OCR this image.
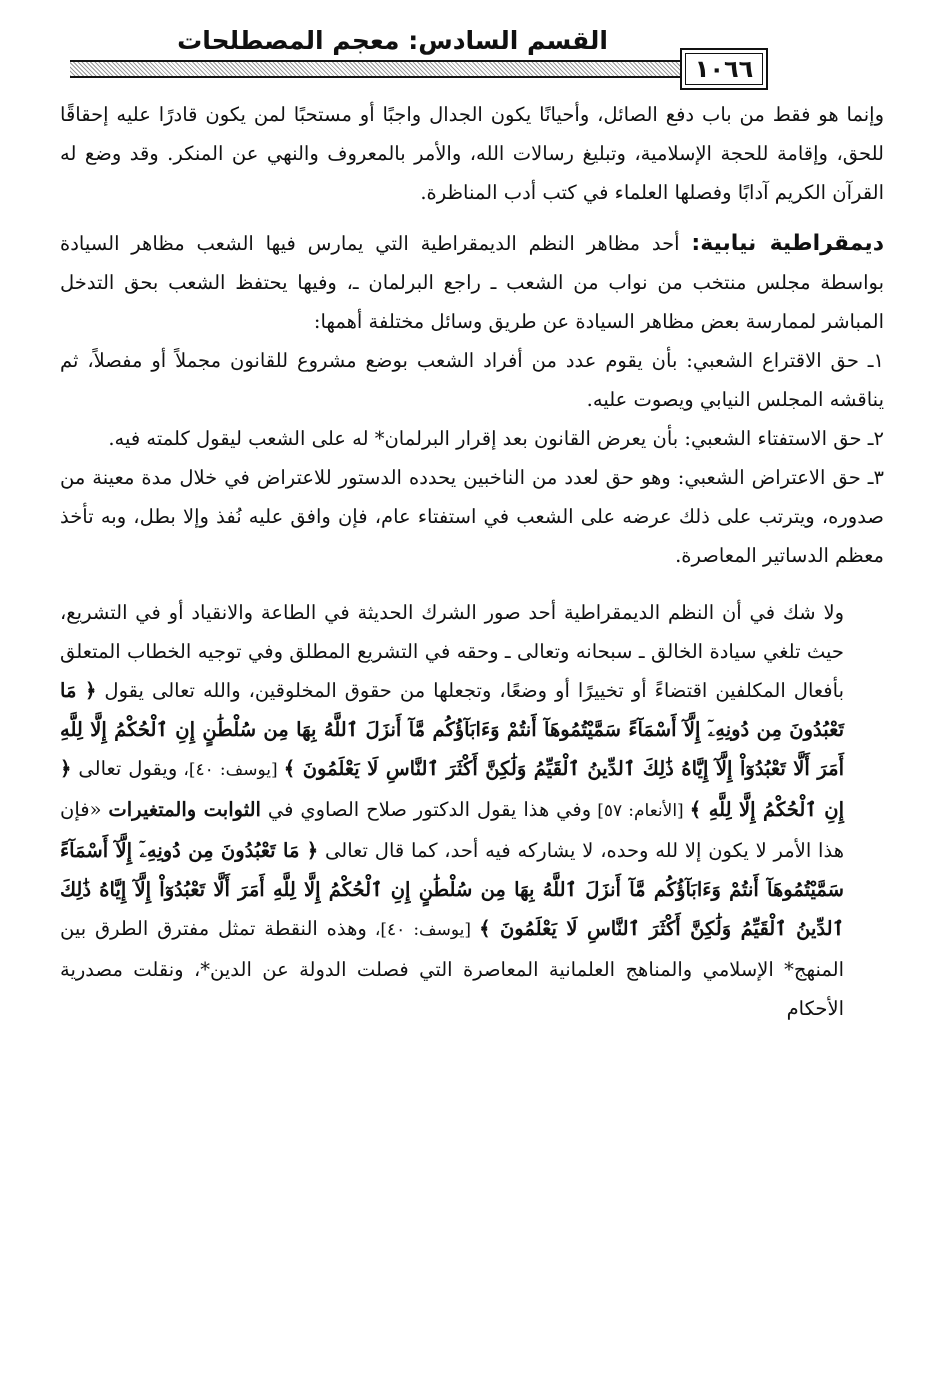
القسم السادس: معجم المصطلحات
١٠٦٦

وإنما هو فقط من باب دفع الصائل، وأحيانًا يكون الجدال واجبًا أو مستحبًا لمن يكون قادرًا عليه إحقاقًا للحق، وإقامة للحجة الإسلامية، وتبليغ رسالات الله، والأمر بالمعروف والنهي عن المنكر. وقد وضع له القرآن الكريم آدابًا وفصلها العلماء في كتب أدب المناظرة.

ديمقراطية نيابية: أحد مظاهر النظم الديمقراطية التي يمارس فيها الشعب مظاهر السيادة بواسطة مجلس منتخب من نواب من الشعب ـ راجع البرلمان ـ، وفيها يحتفظ الشعب بحق التدخل المباشر لممارسة بعض مظاهر السيادة عن طريق وسائل مختلفة أهمها:

١ـ حق الاقتراع الشعبي: بأن يقوم عدد من أفراد الشعب بوضع مشروع للقانون مجملاً أو مفصلاً، ثم يناقشه المجلس النيابي ويصوت عليه.

٢ـ حق الاستفتاء الشعبي: بأن يعرض القانون بعد إقرار البرلمان* له على الشعب ليقول كلمته فيه.

٣ـ حق الاعتراض الشعبي: وهو حق لعدد من الناخبين يحدده الدستور للاعتراض في خلال مدة معينة من صدوره، ويترتب على ذلك عرضه على الشعب في استفتاء عام، فإن وافق عليه نُفذ وإلا بطل، وبه تأخذ معظم الدساتير المعاصرة.

ولا شك في أن النظم الديمقراطية أحد صور الشرك الحديثة في الطاعة والانقياد أو في التشريع، حيث تلغي سيادة الخالق ـ سبحانه وتعالى ـ وحقه في التشريع المطلق وفي توجيه الخطاب المتعلق بأفعال المكلفين اقتضاءً أو تخييرًا أو وضعًا، وتجعلها من حقوق المخلوقين، والله تعالى يقول ﴿ مَا تَعْبُدُونَ مِن دُونِهِۦٓ إِلَّآ أَسْمَآءً سَمَّيْتُمُوهَآ أَنتُمْ وَءَابَآؤُكُم مَّآ أَنزَلَ ٱللَّهُ بِهَا مِن سُلْطَٰنٍ إِنِ ٱلْحُكْمُ إِلَّا لِلَّهِ أَمَرَ أَلَّا تَعْبُدُوٓاْ إِلَّآ إِيَّاهُ ذَٰلِكَ ٱلدِّينُ ٱلْقَيِّمُ وَلَٰكِنَّ أَكْثَرَ ٱلنَّاسِ لَا يَعْلَمُونَ ﴾ [يوسف: ٤٠]، ويقول تعالى ﴿ إِنِ ٱلْحُكْمُ إِلَّا لِلَّهِ ﴾ [الأنعام: ٥٧] وفي هذا يقول الدكتور صلاح الصاوي في الثوابت والمتغيرات «فإن هذا الأمر لا يكون إلا لله وحده، لا يشاركه فيه أحد، كما قال تعالى ﴿ مَا تَعْبُدُونَ مِن دُونِهِۦٓ إِلَّآ أَسْمَآءً سَمَّيْتُمُوهَآ أَنتُمْ وَءَابَآؤُكُم مَّآ أَنزَلَ ٱللَّهُ بِهَا مِن سُلْطَٰنٍ إِنِ ٱلْحُكْمُ إِلَّا لِلَّهِ أَمَرَ أَلَّا تَعْبُدُوٓاْ إِلَّآ إِيَّاهُ ذَٰلِكَ ٱلدِّينُ ٱلْقَيِّمُ وَلَٰكِنَّ أَكْثَرَ ٱلنَّاسِ لَا يَعْلَمُونَ ﴾ [يوسف: ٤٠]، وهذه النقطة تمثل مفترق الطرق بين المنهج* الإسلامي والمناهج العلمانية المعاصرة التي فصلت الدولة عن الدين*، ونقلت مصدرية الأحكام
